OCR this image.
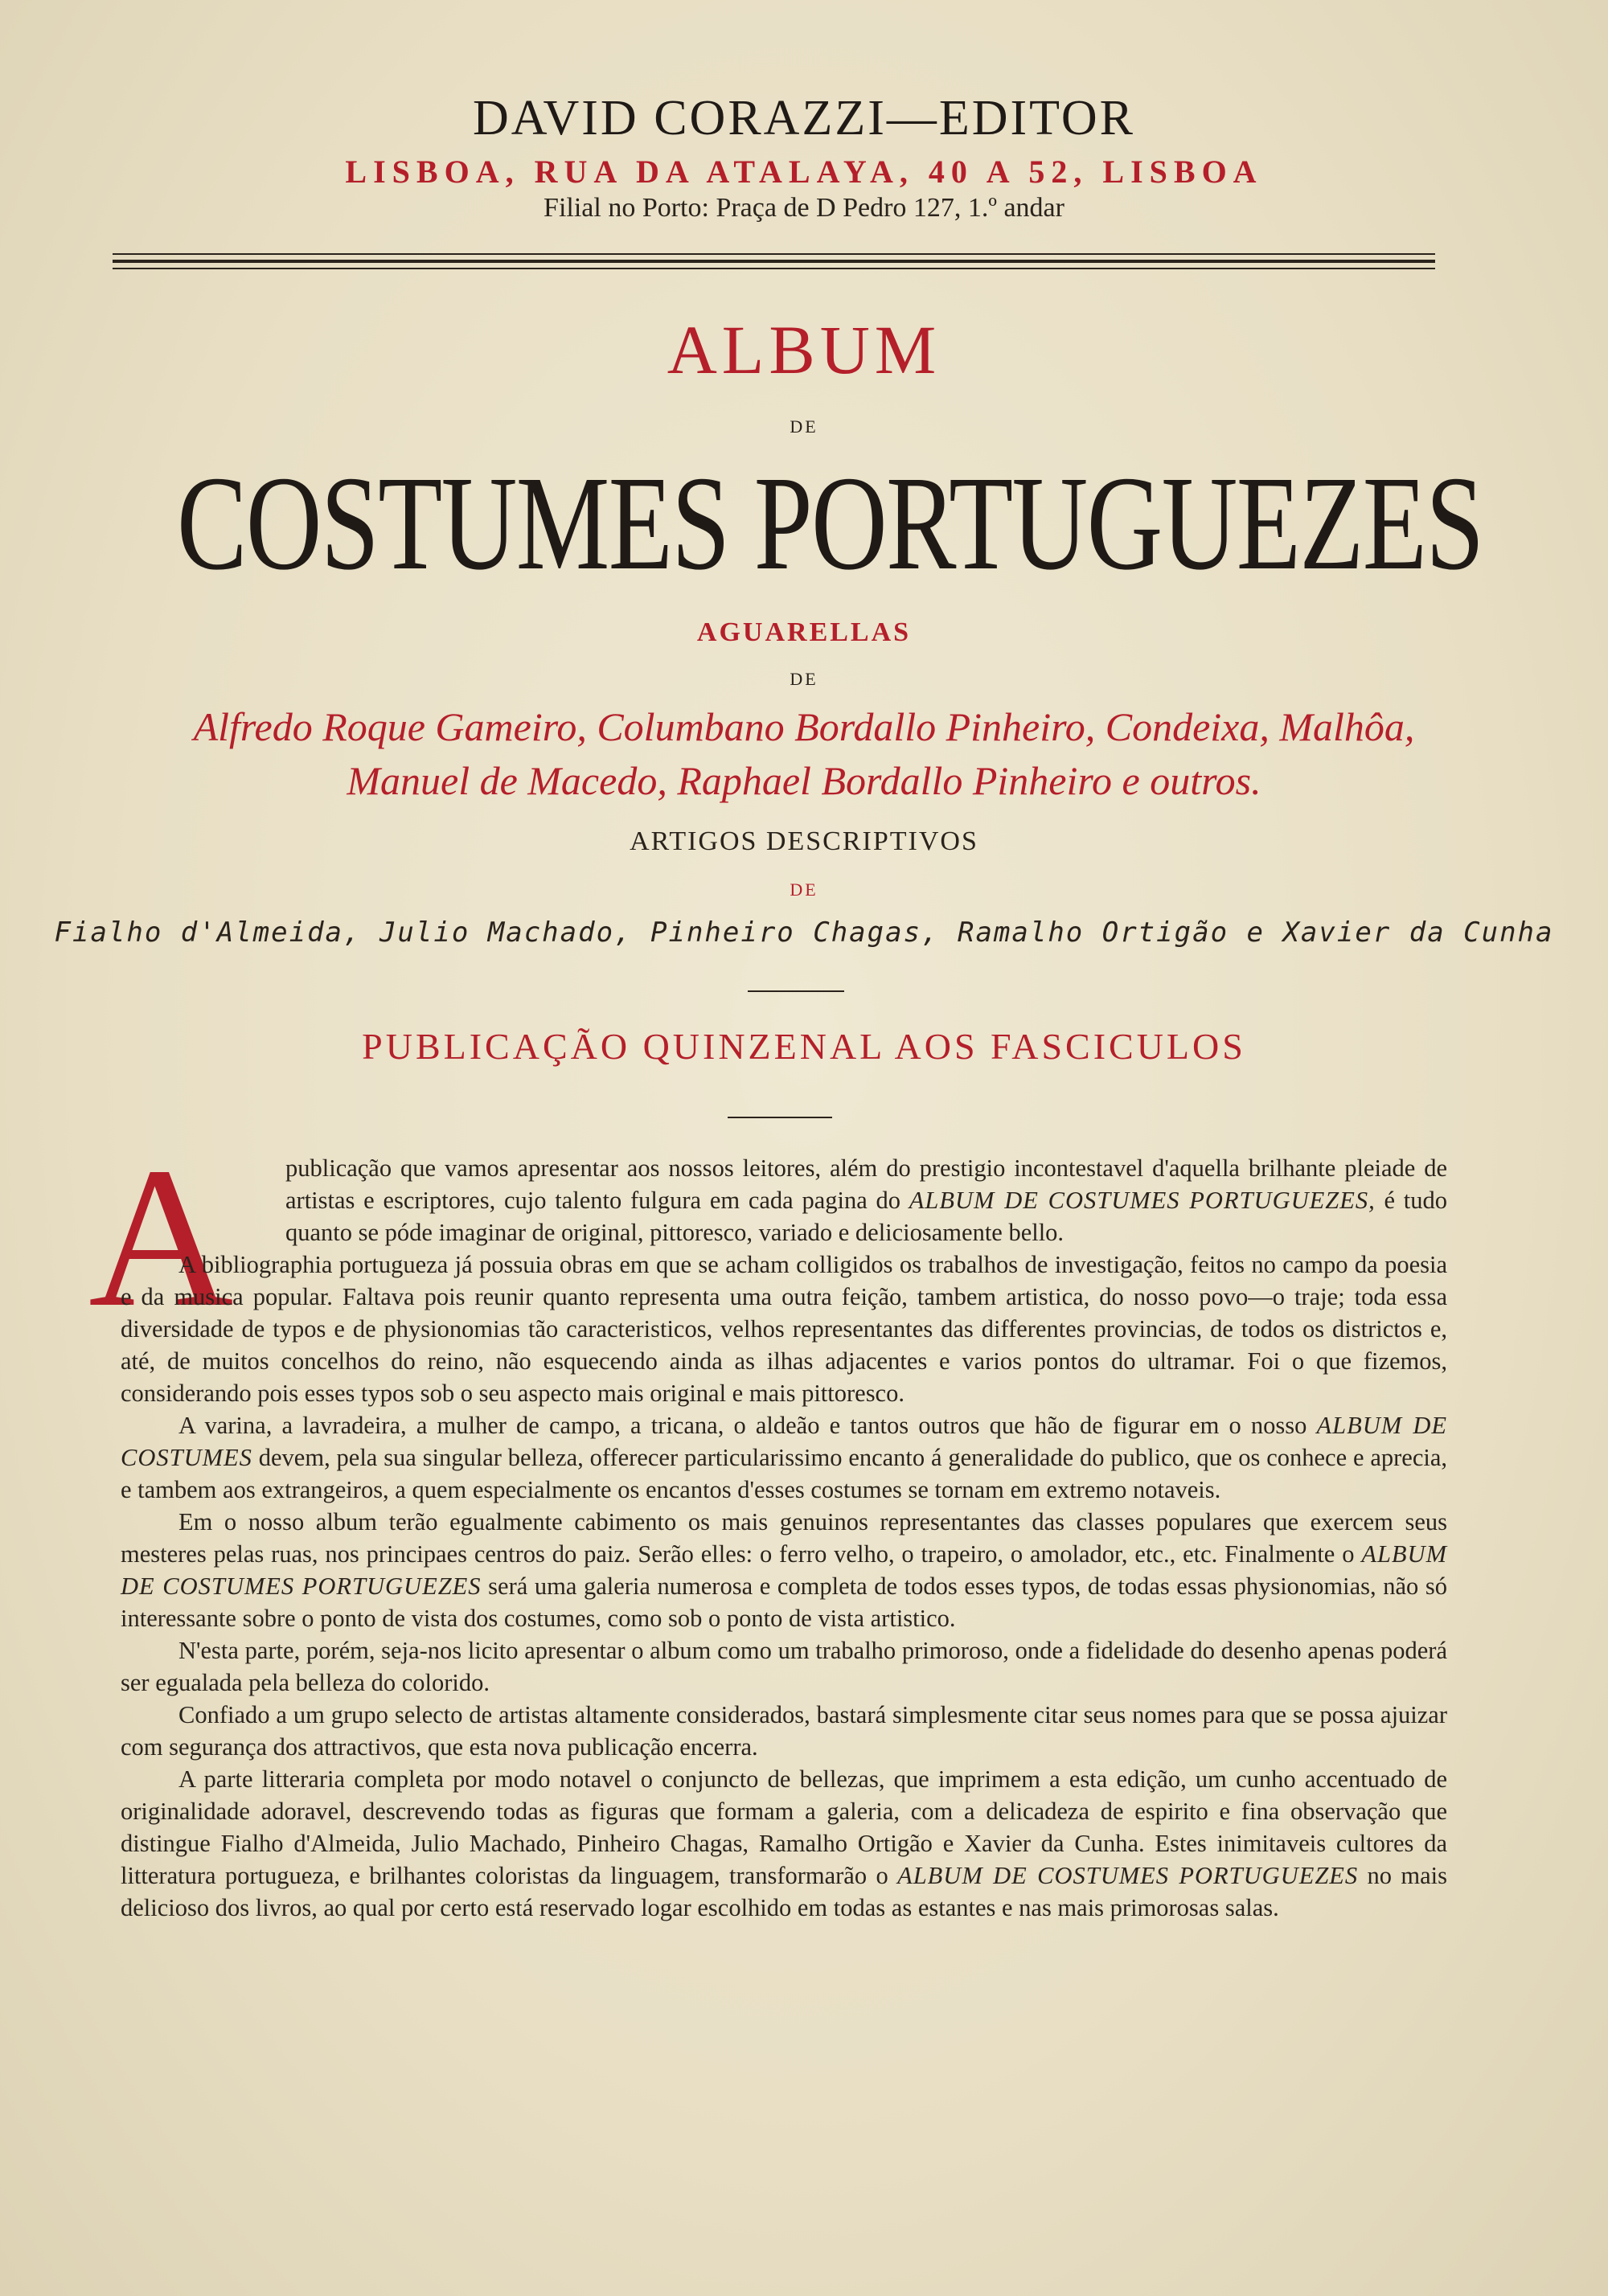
DAVID CORAZZI—EDITOR
LISBOA, RUA DA ATALAYA, 40 A 52, LISBOA
Filial no Porto: Praça de D Pedro 127, 1.º andar
ALBUM
DE
COSTUMES PORTUGUEZES
AGUARELLAS
DE
Alfredo Roque Gameiro, Columbano Bordallo Pinheiro, Condeixa, Malhôa,
Manuel de Macedo, Raphael Bordallo Pinheiro e outros.
ARTIGOS DESCRIPTIVOS
DE
Fialho d'Almeida, Julio Machado, Pinheiro Chagas, Ramalho Ortigão e Xavier da Cunha
PUBLICAÇÃO QUINZENAL AOS FASCICULOS
A publicação que vamos apresentar aos nossos leitores, além do prestigio incontestavel d'aquella brilhante pleiade de artistas e escriptores, cujo talento fulgura em cada pagina do ALBUM DE COSTUMES PORTUGUEZES, é tudo quanto se póde imaginar de original, pittoresco, variado e deliciosamente bello.

A bibliographia portugueza já possuia obras em que se acham colligidos os trabalhos de investigação, feitos no campo da poesia e da musica popular. Faltava pois reunir quanto representa uma outra feição, tambem artistica, do nosso povo—o traje; toda essa diversidade de typos e de physionomias tão caracteristicos, velhos representantes das differentes provincias, de todos os districtos e, até, de muitos concelhos do reino, não esquecendo ainda as ilhas adjacentes e varios pontos do ultramar. Foi o que fizemos, considerando pois esses typos sob o seu aspecto mais original e mais pittoresco.

A varina, a lavradeira, a mulher de campo, a tricana, o aldeão e tantos outros que hão de figurar em o nosso ALBUM DE COSTUMES devem, pela sua singular belleza, offerecer particularissimo encanto á generalidade do publico, que os conhece e aprecia, e tambem aos extrangeiros, a quem especialmente os encantos d'esses costumes se tornam em extremo notaveis.

Em o nosso album terão egualmente cabimento os mais genuinos representantes das classes populares que exercem seus mesteres pelas ruas, nos principaes centros do paiz. Serão elles: o ferro velho, o trapeiro, o amolador, etc., etc. Finalmente o ALBUM DE COSTUMES PORTUGUEZES será uma galeria numerosa e completa de todos esses typos, de todas essas physionomias, não só interessante sobre o ponto de vista dos costumes, como sob o ponto de vista artistico.

N'esta parte, porém, seja-nos licito apresentar o album como um trabalho primoroso, onde a fidelidade do desenho apenas poderá ser egualada pela belleza do colorido.

Confiado a um grupo selecto de artistas altamente considerados, bastará simplesmente citar seus nomes para que se possa ajuizar com segurança dos attractivos, que esta nova publicação encerra.

A parte litteraria completa por modo notavel o conjuncto de bellezas, que imprimem a esta edição, um cunho accentuado de originalidade adoravel, descrevendo todas as figuras que formam a galeria, com a delicadeza de espirito e fina observação que distingue Fialho d'Almeida, Julio Machado, Pinheiro Chagas, Ramalho Ortigão e Xavier da Cunha. Estes inimitaveis cultores da litteratura portugueza, e brilhantes coloristas da linguagem, transformarão o ALBUM DE COSTUMES PORTUGUEZES no mais delicioso dos livros, ao qual por certo está reservado logar escolhido em todas as estantes e nas mais primorosas salas.
